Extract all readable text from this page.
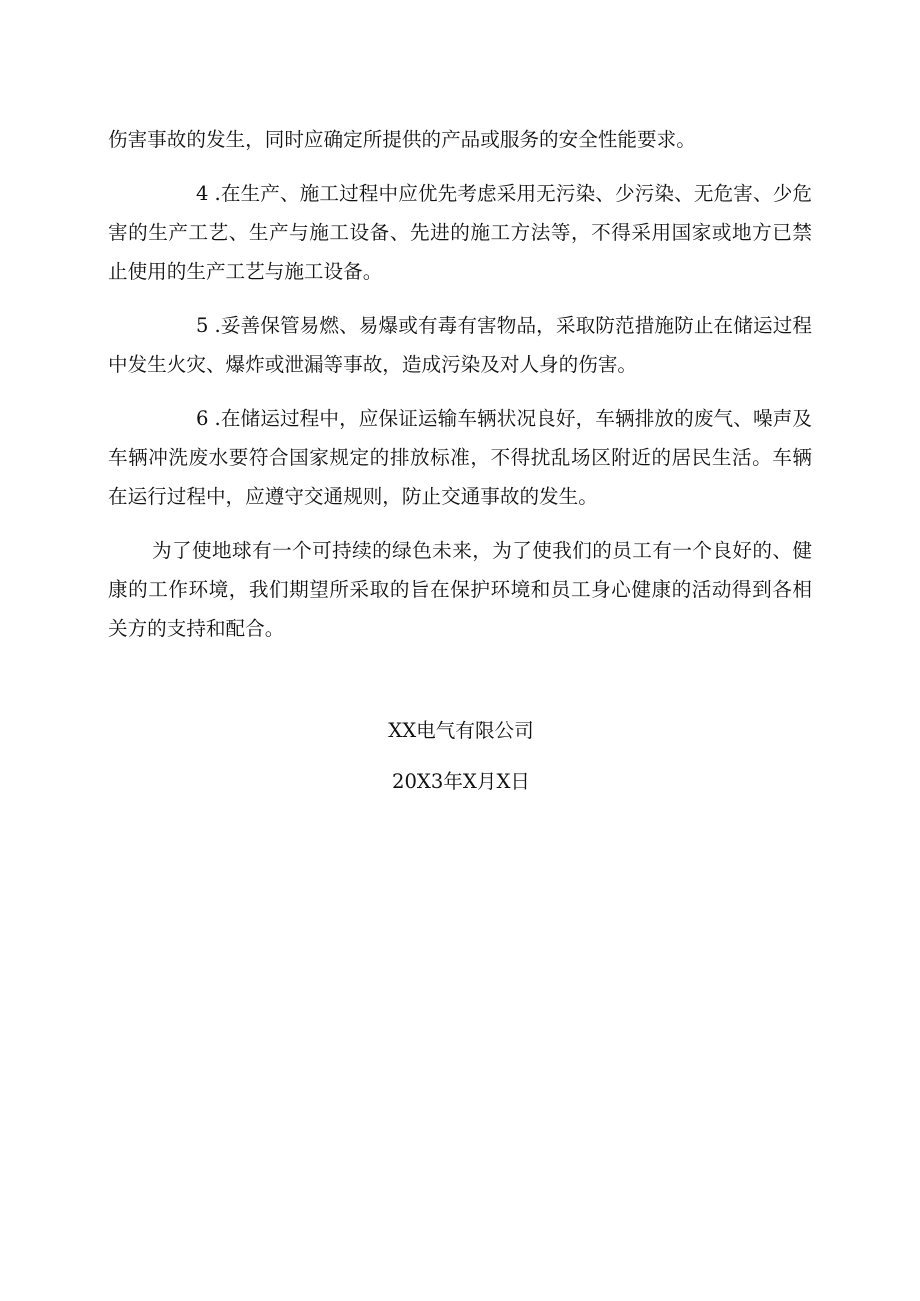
伤害事故的发生，同时应确定所提供的产品或服务的安全性能要求。

4 .在生产、施工过程中应优先考虑采用无污染、少污染、无危害、少危害的生产工艺、生产与施工设备、先进的施工方法等，不得采用国家或地方已禁止使用的生产工艺与施工设备。

5 .妥善保管易燃、易爆或有毒有害物品，采取防范措施防止在储运过程中发生火灾、爆炸或泄漏等事故，造成污染及对人身的伤害。

6 .在储运过程中，应保证运输车辆状况良好，车辆排放的废气、噪声及车辆冲洗废水要符合国家规定的排放标准，不得扰乱场区附近的居民生活。车辆在运行过程中，应遵守交通规则，防止交通事故的发生。

为了使地球有一个可持续的绿色未来，为了使我们的员工有一个良好的、健康的工作环境，我们期望所采取的旨在保护环境和员工身心健康的活动得到各相关方的支持和配合。

XX电气有限公司
20X3年X月X日
